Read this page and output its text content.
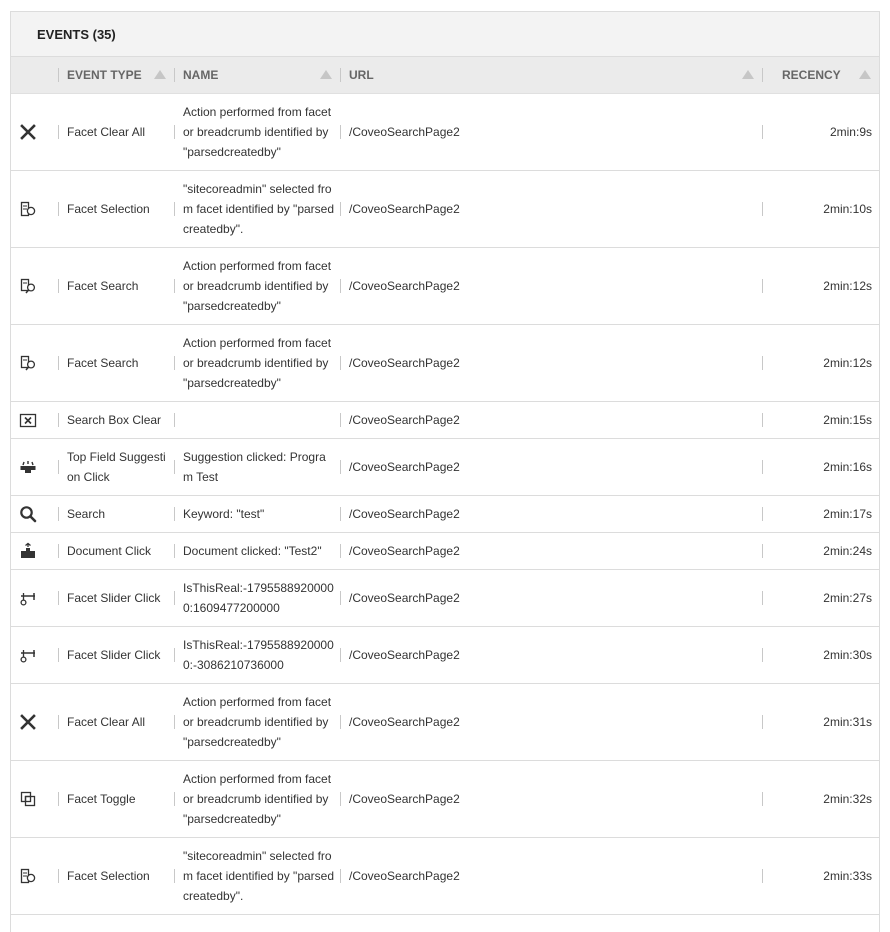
EVENTS (35)

	EVENT TYPE	NAME	URL	RECENCY

Facet Clear All	Action performed from facet or breadcrumb identified by "parsedcreatedby"	/CoveoSearchPage2	2min:9s

Facet Selection	"sitecoreadmin" selected from facet identified by "parsedcreatedby".	/CoveoSearchPage2	2min:10s

Facet Search	Action performed from facet or breadcrumb identified by "parsedcreatedby"	/CoveoSearchPage2	2min:12s

Facet Search	Action performed from facet or breadcrumb identified by "parsedcreatedby"	/CoveoSearchPage2	2min:12s

Search Box Clear		/CoveoSearchPage2	2min:15s

Top Field Suggestion Click	Suggestion clicked: Program Test	/CoveoSearchPage2	2min:16s

Search	Keyword: "test"	/CoveoSearchPage2	2min:17s

Document Click	Document clicked: "Test2"	/CoveoSearchPage2	2min:24s

Facet Slider Click	IsThisReal:-17955889200000:1609477200000	/CoveoSearchPage2	2min:27s

Facet Slider Click	IsThisReal:-17955889200000:-3086210736000	/CoveoSearchPage2	2min:30s

Facet Clear All	Action performed from facet or breadcrumb identified by "parsedcreatedby"	/CoveoSearchPage2	2min:31s

Facet Toggle	Action performed from facet or breadcrumb identified by "parsedcreatedby"	/CoveoSearchPage2	2min:32s

Facet Selection	"sitecoreadmin" selected from facet identified by "parsedcreatedby".	/CoveoSearchPage2	2min:33s
